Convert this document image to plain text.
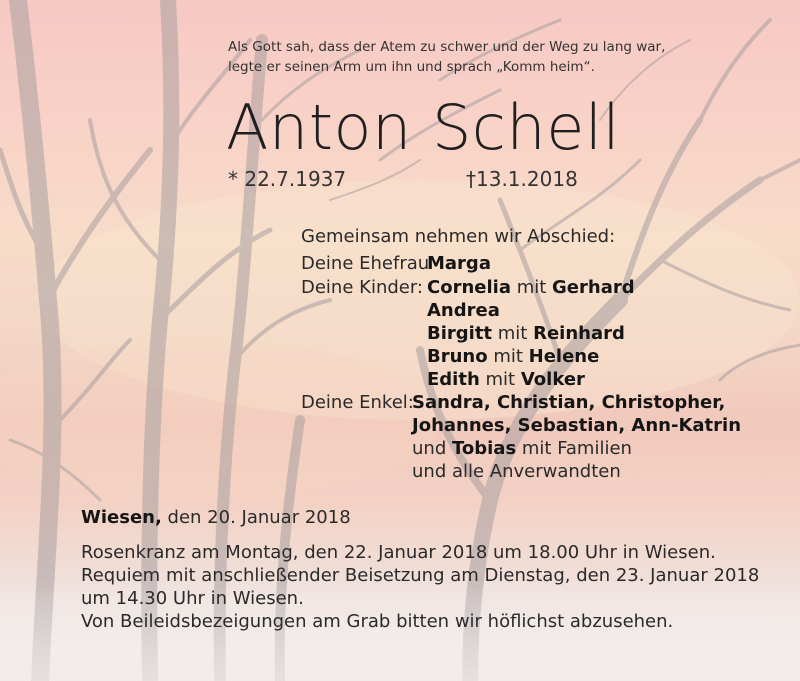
Als Gott sah, dass der Atem zu schwer und der Weg zu lang war,
legte er seinen Arm um ihn und sprach „Komm heim“.
Anton Schell
* 22.7.1937	†13.1.2018
Gemeinsam nehmen wir Abschied:
Deine Ehefrau
Marga
Deine Kinder: Cornelia mit Gerhard
Andrea
Birgitt mit Reinhard
Bruno mit Helene
Edith mit Volker
Deine Enkel:
Sandra, Christian, Christopher,
Johannes, Sebastian, Ann-Katrin
und Tobias mit Familien
und alle Anverwandten
Wiesen, den 20. Januar 2018
Rosenkranz am Montag, den 22. Januar 2018 um 18.00 Uhr in Wiesen.
Requiem mit anschließender Beisetzung am Dienstag, den 23. Januar 2018
um 14.30 Uhr in Wiesen.
Von Beileidsbezeigungen am Grab bitten wir höflichst abzusehen.
